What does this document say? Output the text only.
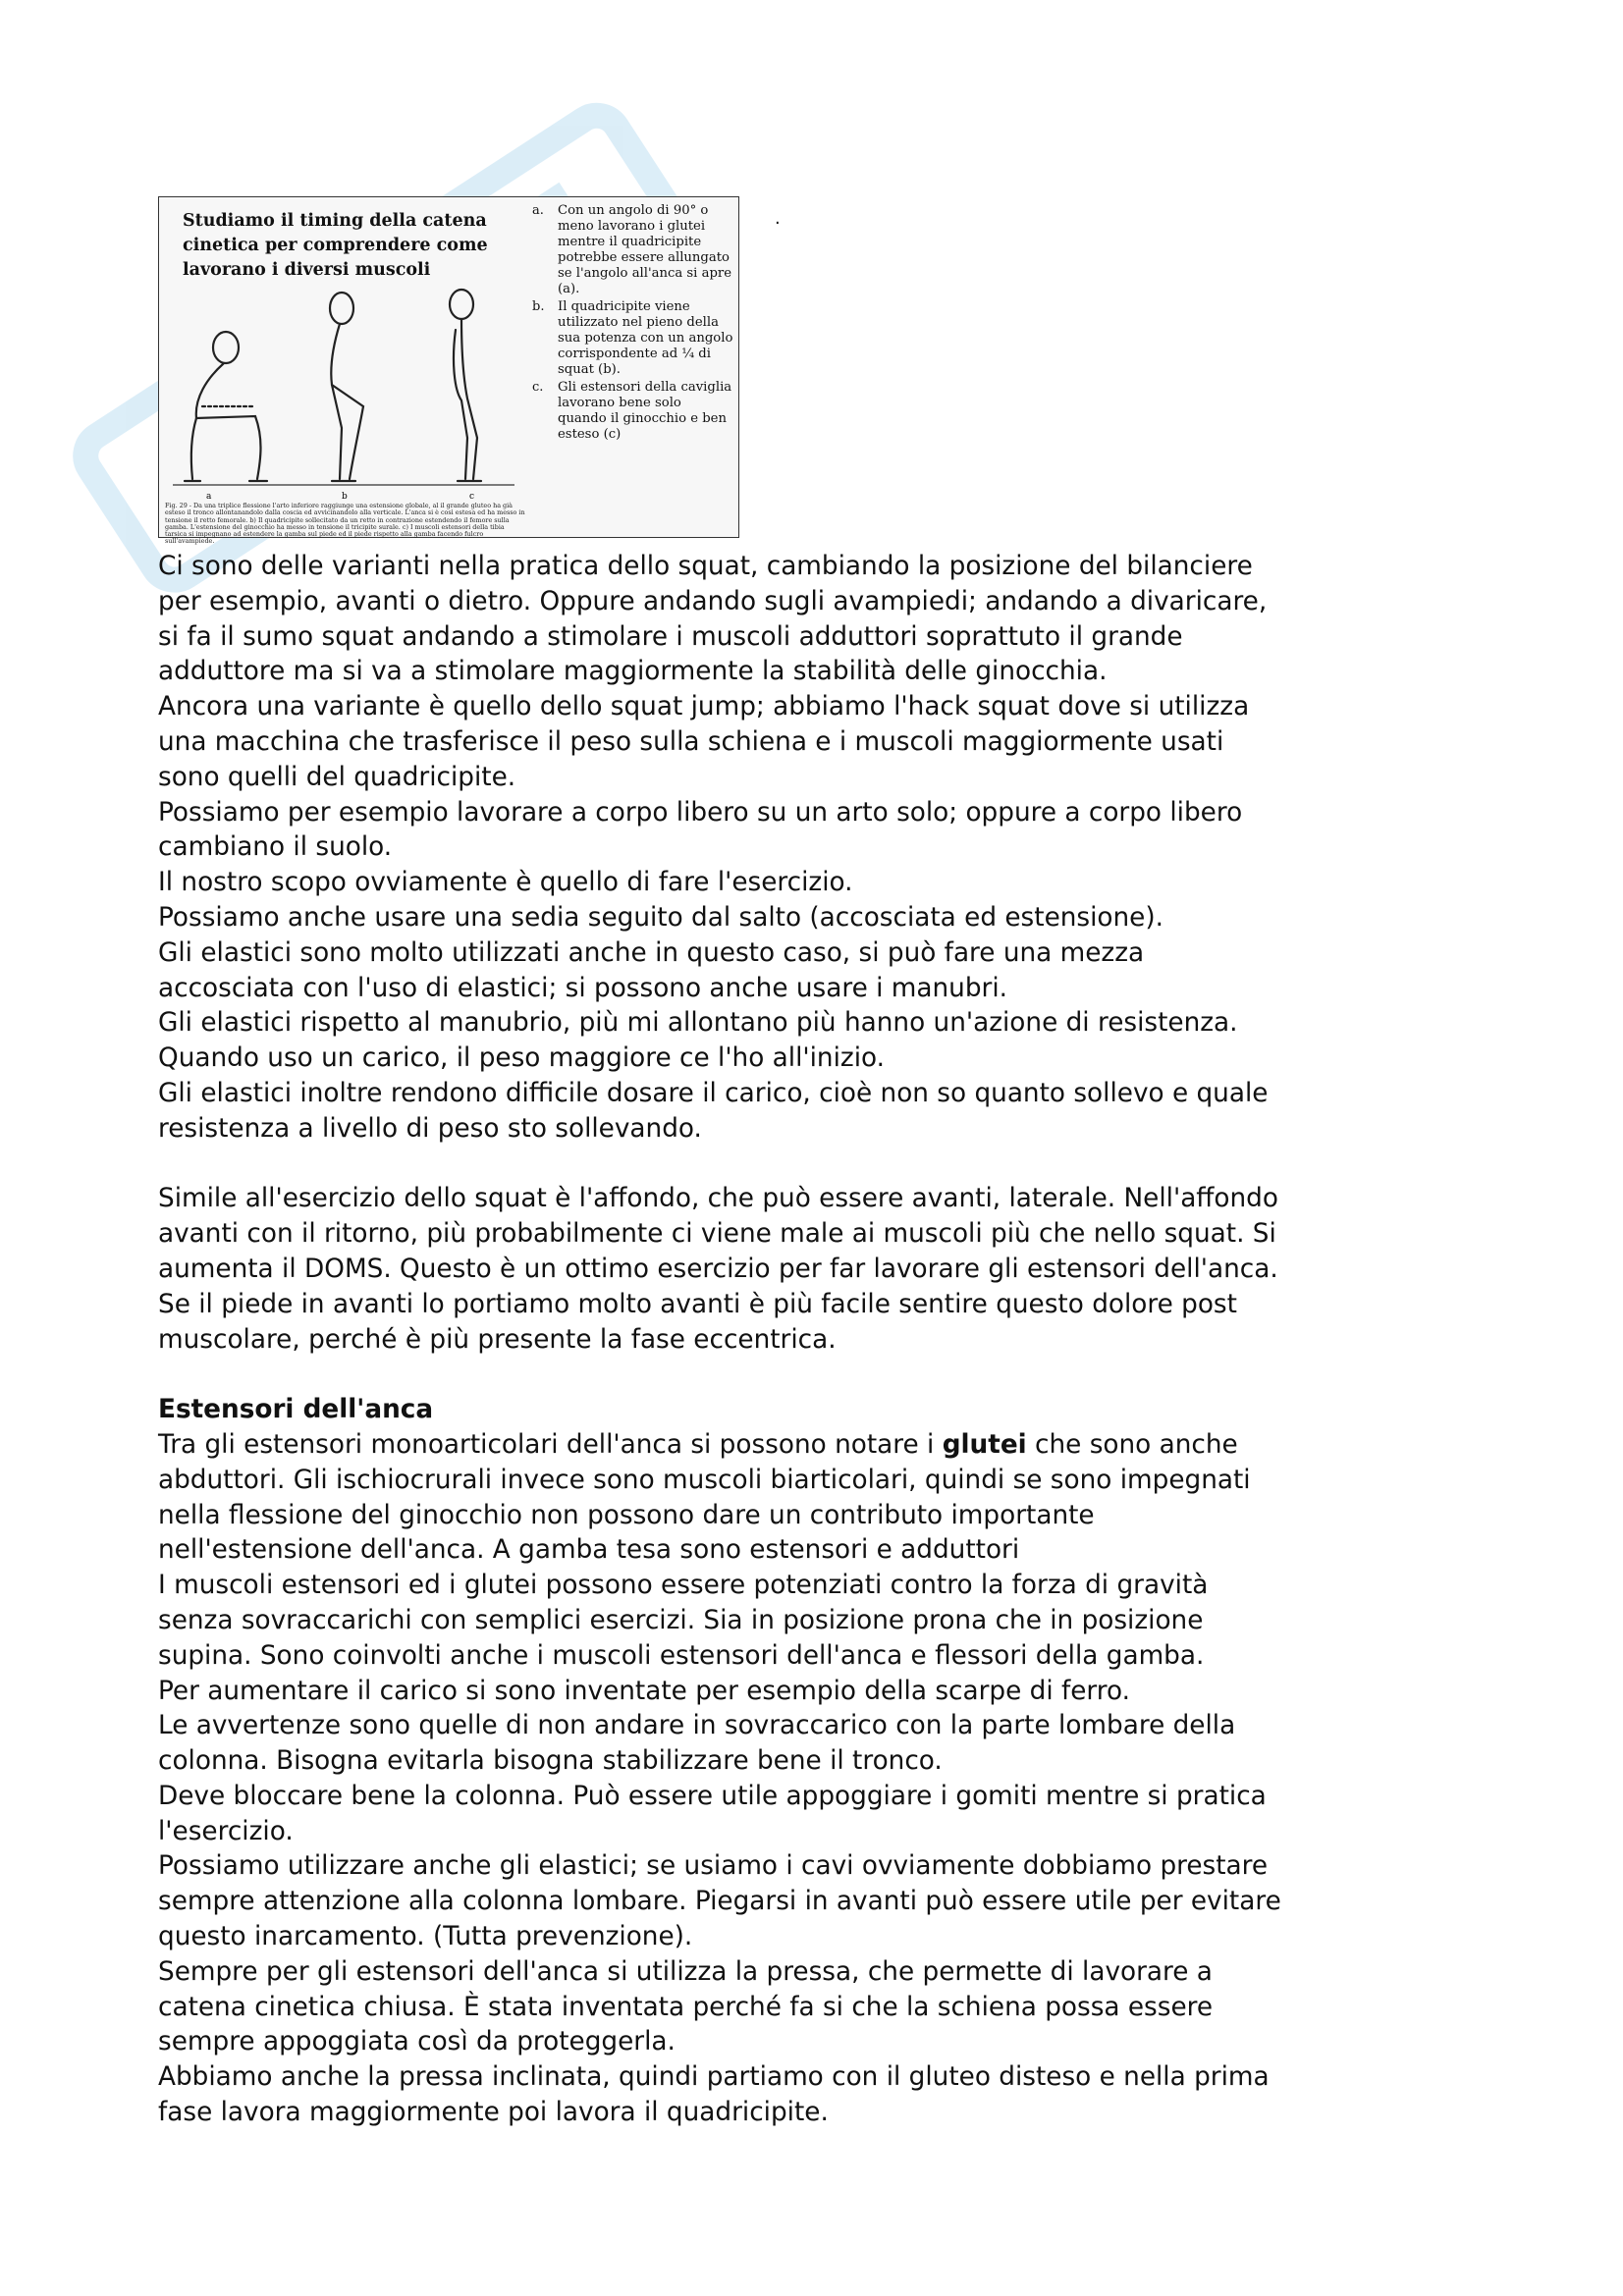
Studiamo il timing della catena cinetica per comprendere come lavorano i diversi muscoli
a. Con un angolo di 90° o meno lavorano i glutei mentre il quadricipite potrebbe essere allungato se l'angolo all'anca si apre (a).
b. Il quadricipite viene utilizzato nel pieno della sua potenza con un angolo corrispondente ad ¼ di squat (b).
c. Gli estensori della caviglia lavorano bene solo quando il ginocchio e ben esteso (c)
a	b	c
Fig. 29 - Da una triplice flessione l'arto inferiore raggiunge una estensione globale, al il grande gluteo ha già esteso il tronco allontanandolo dalla coscia ed avvicinandolo alla verticale. L'anca si è così estesa ed ha messo in tensione il retto femorale. b) Il quadricipite sollecitato da un retto in contrazione estendendo il femore sulla gamba. L'estensione del ginocchio ha messo in tensione il tricipite surale. c) I muscoli estensori della tibia tarsica si impegnano ad estendere la gamba sul piede ed il piede rispetto alla gamba facendo fulcro sull'avampiede.
.

Ci sono delle varianti nella pratica dello squat, cambiando la posizione del bilanciere

per esempio, avanti o dietro. Oppure andando sugli avampiedi; andando a divaricare,

si fa il sumo squat andando a stimolare i muscoli adduttori soprattuto il grande

adduttore ma si va a stimolare maggiormente la stabilità delle ginocchia.

Ancora una variante è quello dello squat jump; abbiamo l'hack squat dove si utilizza

una macchina che trasferisce il peso sulla schiena e i muscoli maggiormente usati

sono quelli del quadricipite.

Possiamo per esempio lavorare a corpo libero su un arto solo; oppure a corpo libero

cambiano il suolo.

Il nostro scopo ovviamente è quello di fare l'esercizio.

Possiamo anche usare una sedia seguito dal salto (accosciata ed estensione).

Gli elastici sono molto utilizzati anche in questo caso, si può fare una mezza

accosciata con l'uso di elastici; si possono anche usare i manubri.

Gli elastici rispetto al manubrio, più mi allontano più hanno un'azione di resistenza.

Quando uso un carico, il peso maggiore ce l'ho all'inizio.

Gli elastici inoltre rendono difficile dosare il carico, cioè non so quanto sollevo e quale

resistenza a livello di peso sto sollevando.

Simile all'esercizio dello squat è l'affondo, che può essere avanti, laterale. Nell'affondo

avanti con il ritorno, più probabilmente ci viene male ai muscoli più che nello squat. Si

aumenta il DOMS. Questo è un ottimo esercizio per far lavorare gli estensori dell'anca.

Se il piede in avanti lo portiamo molto avanti è più facile sentire questo dolore post

muscolare, perché è più presente la fase eccentrica.

Estensori dell'anca

Tra gli estensori monoarticolari dell'anca si possono notare i glutei che sono anche

abduttori. Gli ischiocrurali invece sono muscoli biarticolari, quindi se sono impegnati

nella flessione del ginocchio non possono dare un contributo importante

nell'estensione dell'anca. A gamba tesa sono estensori e adduttori

I muscoli estensori ed i glutei possono essere potenziati contro la forza di gravità

senza sovraccarichi con semplici esercizi. Sia in posizione prona che in posizione

supina. Sono coinvolti anche i muscoli estensori dell'anca e flessori della gamba.

Per aumentare il carico si sono inventate per esempio della scarpe di ferro.

Le avvertenze sono quelle di non andare in sovraccarico con la parte lombare della

colonna. Bisogna evitarla bisogna stabilizzare bene il tronco.

Deve bloccare bene la colonna. Può essere utile appoggiare i gomiti mentre si pratica

l'esercizio.

Possiamo utilizzare anche gli elastici; se usiamo i cavi ovviamente dobbiamo prestare

sempre attenzione alla colonna lombare. Piegarsi in avanti può essere utile per evitare

questo inarcamento. (Tutta prevenzione).

Sempre per gli estensori dell'anca si utilizza la pressa, che permette di lavorare a

catena cinetica chiusa. È stata inventata perché fa si che la schiena possa essere

sempre appoggiata così da proteggerla.

Abbiamo anche la pressa inclinata, quindi partiamo con il gluteo disteso e nella prima

fase lavora maggiormente poi lavora il quadricipite.
